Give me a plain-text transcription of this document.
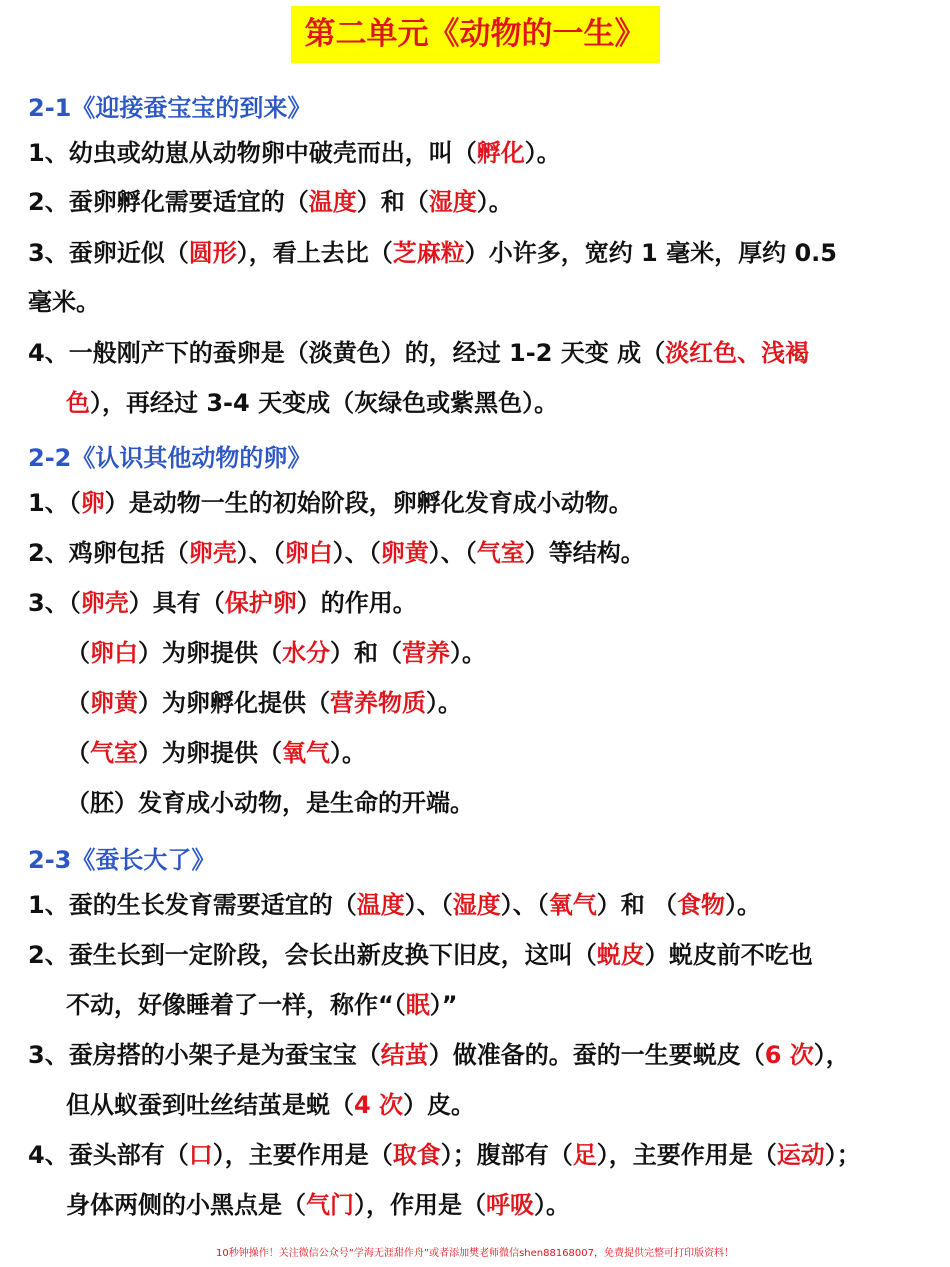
第二单元《动物的一生》
2-1《迎接蚕宝宝的到来》
1、幼虫或幼崽从动物卵中破壳而出，叫（孵化）。
2、蚕卵孵化需要适宜的（温度）和（湿度）。
3、蚕卵近似（圆形），看上去比（芝麻粒）小许多，宽约 1 毫米，厚约 0.5
毫米。
4、一般刚产下的蚕卵是（淡黄色）的，经过 1-2 天变 成（淡红色、浅褐
色），再经过 3-4 天变成（灰绿色或紫黑色）。
2-2《认识其他动物的卵》
1、（卵）是动物一生的初始阶段，卵孵化发育成小动物。
2、鸡卵包括（卵壳）、（卵白）、（卵黄）、（气室）等结构。
3、（卵壳）具有（保护卵）的作用。
（卵白）为卵提供（水分）和（营养）。
（卵黄）为卵孵化提供（营养物质）。
（气室）为卵提供（氧气）。
（胚）发育成小动物，是生命的开端。
2-3《蚕长大了》
1、蚕的生长发育需要适宜的（温度）、（湿度）、（氧气）和 （食物）。
2、蚕生长到一定阶段，会长出新皮换下旧皮，这叫（蜕皮）蜕皮前不吃也
不动，好像睡着了一样，称作“（眠）”
3、蚕房搭的小架子是为蚕宝宝（结茧）做准备的。蚕的一生要蜕皮（6 次），
但从蚁蚕到吐丝结茧是蜕（4 次）皮。
4、蚕头部有（口），主要作用是（取食）；腹部有（足），主要作用是（运动）；
身体两侧的小黑点是（气门），作用是（呼吸）。
10秒钟操作！关注微信公众号“学海无涯甜作舟”或者添加樊老师微信shen88168007，免费提供完整可打印版资料！
